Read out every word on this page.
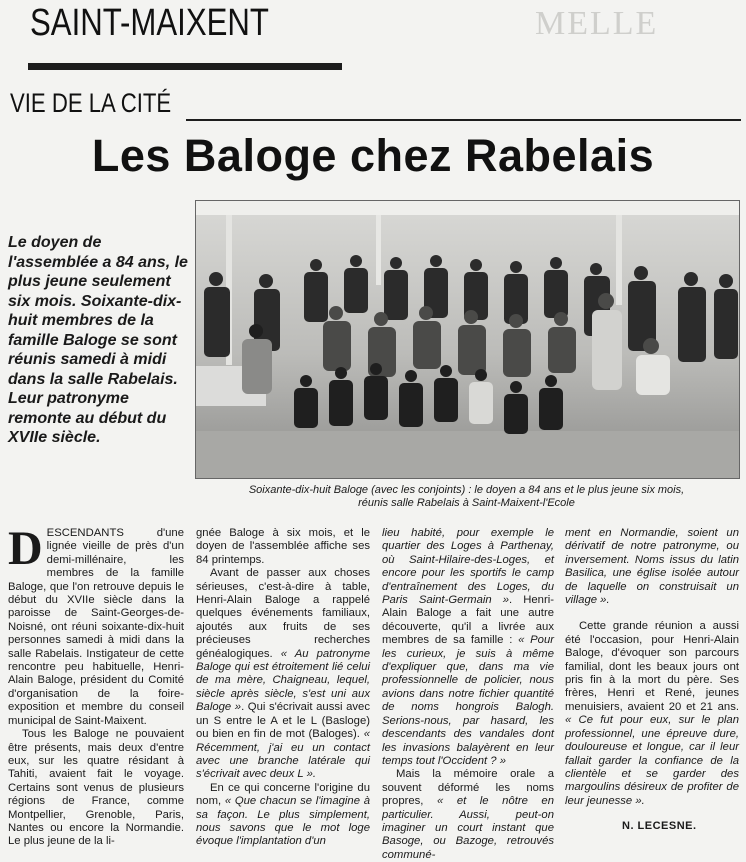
MELLE
SAINT-MAIXENT
VIE DE LA CITÉ
Les Baloge chez Rabelais

Le doyen de l'assemblée a 84 ans, le plus jeune seulement six mois. Soixante-dix-huit membres de la famille Baloge se sont réunis samedi à midi dans la salle Rabelais. Leur patronyme remonte au début du XVIIe siècle.

Soixante-dix-huit Baloge (avec les conjoints) : le doyen a 84 ans et le plus jeune six mois,
réunis salle Rabelais à Saint-Maixent-l'Ecole

DESCENDANTS d'une lignée vieille de près d'un demi-millénaire, les membres de la famille Baloge, que l'on retrouve depuis le début du XVIIe siècle dans la paroisse de Saint-Georges-de-Noisné, ont réuni soixante-dix-huit personnes samedi à midi dans la salle Rabelais. Instigateur de cette rencontre peu habituelle, Henri-Alain Baloge, président du Comité d'organisation de la foire-exposition et membre du conseil municipal de Saint-Maixent.

Tous les Baloge ne pouvaient être présents, mais deux d'entre eux, sur les quatre résidant à Tahiti, avaient fait le voyage. Certains sont venus de plusieurs régions de France, comme Montpellier, Grenoble, Paris, Nantes ou encore la Normandie. Le plus jeune de la li-

gnée Baloge à six mois, et le doyen de l'assemblée affiche ses 84 printemps.

Avant de passer aux choses sérieuses, c'est-à-dire à table, Henri-Alain Baloge a rappelé quelques événements familiaux, ajoutés aux fruits de ses précieuses recherches généalogiques. « Au patronyme Baloge qui est étroitement lié celui de ma mère, Chaigneau, lequel, siècle après siècle, s'est uni aux Baloge ». Qui s'écrivait aussi avec un S entre le A et le L (Basloge) ou bien en fin de mot (Baloges). « Récemment, j'ai eu un contact avec une branche latérale qui s'écrivait avec deux L ».

En ce qui concerne l'origine du nom, « Que chacun se l'imagine à sa façon. Le plus simplement, nous savons que le mot loge évoque l'implantation d'un

lieu habité, pour exemple le quartier des Loges à Parthenay, où Saint-Hilaire-des-Loges, et encore pour les sportifs le camp d'entraînement des Loges, du Paris Saint-Germain ». Henri-Alain Baloge a fait une autre découverte, qu'il a livrée aux membres de sa famille : « Pour les curieux, je suis à même d'expliquer que, dans ma vie professionnelle de policier, nous avions dans notre fichier quantité de noms hongrois Balogh. Serions-nous, par hasard, les descendants des vandales dont les invasions balayèrent en leur temps tout l'Occident ? »

Mais la mémoire orale a souvent déformé les noms propres, « et le nôtre en particulier. Aussi, peut-on imaginer un court instant que Basoge, ou Bazoge, retrouvés communé-

ment en Normandie, soient un dérivatif de notre patronyme, ou inversement. Noms issus du latin Basilica, une église isolée autour de laquelle on construisait un village ».

Cette grande réunion a aussi été l'occasion, pour Henri-Alain Baloge, d'évoquer son parcours familial, dont les beaux jours ont pris fin à la mort du père. Ses frères, Henri et René, jeunes menuisiers, avaient 20 et 21 ans. « Ce fut pour eux, sur le plan professionnel, une épreuve dure, douloureuse et longue, car il leur fallait garder la confiance de la clientèle et se garder des margoulins désireux de profiter de leur jeunesse ».

N. LECESNE.
